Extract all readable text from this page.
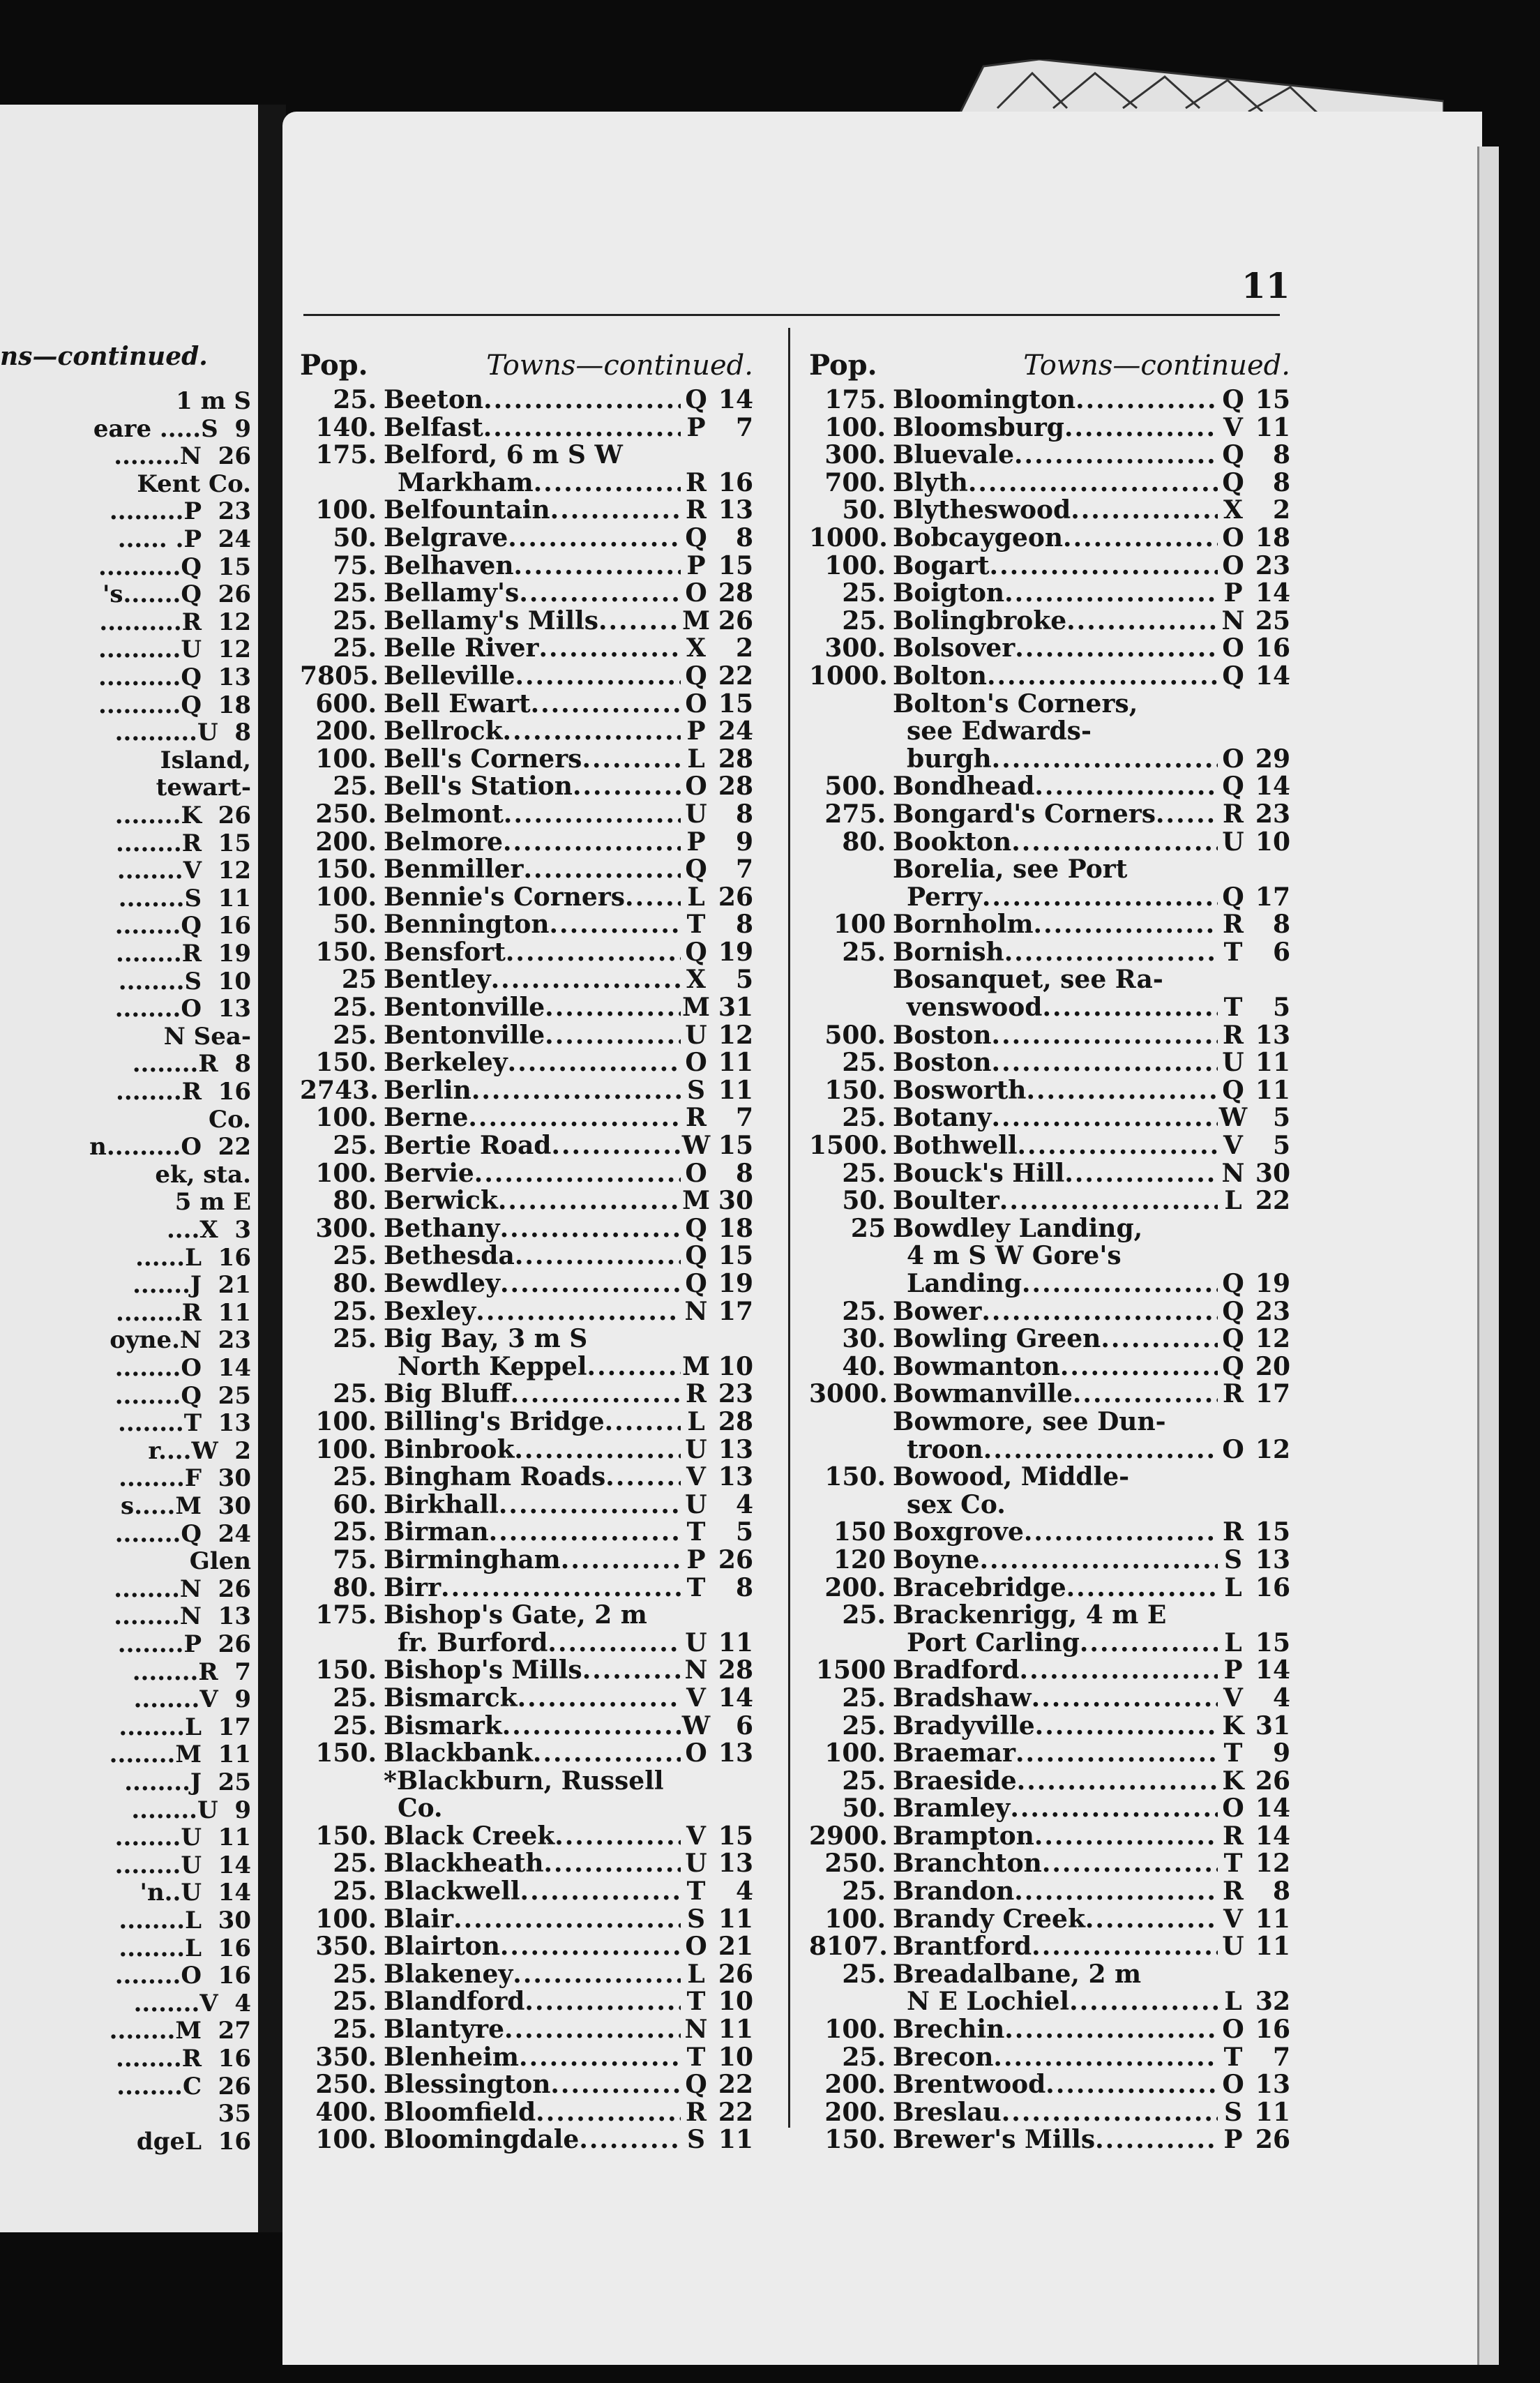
ns—continued.
1 m S
eare .....S  9
........N  26
Kent Co.
.........P  23
...... .P  24
..........Q  15
's.......Q  26
..........R  12
..........U  12
..........Q  13
..........Q  18
..........U  8
Island,
tewart-
........K  26
........R  15
........V  12
........S  11
........Q  16
........R  19
........S  10
........O  13
N Sea-
........R  8
........R  16
Co.
n.........O  22
ek, sta.
5 m E
....X  3
......L  16
.......J  21
........R  11
oyne.N  23
........O  14
........Q  25
........T  13
r....W  2
........F  30
s.....M  30
........Q  24
Glen
........N  26
........N  13
........P  26
........R  7
........V  9
........L  17
........M  11
........J  25
........U  9
........U  11
........U  14
'n..U  14
........L  30
........L  16
........O  16
........V  4
........M  27
........R  16
........C  26
35
dgeL  16
11
Pop.	Towns—continued.
25. Beeton .....	Q 14
140. Belfast .....	P	7
175. Belford, 6 m S W
Markham .....	R 16
100. Belfountain .....	R 13
50. Belgrave .....	Q	8
75. Belhaven .....	P 15
25. Bellamy's .....	O 28
25. Bellamy's Mills .....	M 26
25. Belle River .....	X	2
7805. Belleville .....	Q 22
600. Bell Ewart .....	O 15
200. Bellrock .....	P 24
100. Bell's Corners .....	L 28
25. Bell's Station .....	O 28
250. Belmont .....	U	8
200. Belmore .....	P	9
150. Benmiller .....	Q	7
100. Bennie's Corners ..... L 26
50. Bennington .....	T	8
150. Bensfort .....	Q 19
25 Bentley .....	X	5
25. Bentonville .....	M 31
25. Bentonville .....	U 12
150. Berkeley .....	O 11
2743. Berlin .....	S 11
100. Berne .....	R	7
25. Bertie Road .....	W 15
100. Bervie .....	O	8
80. Berwick .....	M 30
300. Bethany .....	Q 18
25. Bethesda .....	Q 15
80. Bewdley .....	Q 19
25. Bexley .....	N 17
25. Big Bay, 3 m S
North Keppel .....	M 10
25. Big Bluff .....	R 23
100. Billing's Bridge .....	L 28
100. Binbrook .....	U 13
25. Bingham Roads .....	V 13
60. Birkhall .....	U	4
25. Birman .....	T	5
75. Birmingham .....	P 26
80. Birr .....	T	8
175. Bishop's Gate, 2 m
fr. Burford .....	U 11
150. Bishop's Mills .....	N 28
25. Bismarck .....	V 14
25. Bismark .....	W	6
150. Blackbank .....	O 13
*Blackburn, Russell
Co.
150. Black Creek .....	V 15
25. Blackheath .....	U 13
25. Blackwell .....	T	4
100. Blair .....	S 11
350. Blairton .....	O 21
25. Blakeney .....	L 26
25. Blandford .....	T 10
25. Blantyre .....	N 11
350. Blenheim .....	T 10
250. Blessington .....	Q 22
400. Bloomfield .....	R 22
100. Bloomingdale .....	S 11
Pop.	Towns—continued.
175. Bloomington .....	Q 15
100. Bloomsburg .....	V 11
300. Bluevale .....	Q	8
700. Blyth .....	Q	8
50. Blytheswood .....	X	2
1000. Bobcaygeon .....	O 18
100. Bogart .....	O 23
25. Boigton .....	P 14
25. Bolingbroke .....	N 25
300. Bolsover .....	O 16
1000. Bolton .....	Q 14
Bolton's Corners,
see Edwards-
burgh .....	O 29
500. Bondhead .....	Q 14
275. Bongard's Corners .....	R 23
80. Bookton .....	U 10
Borelia, see Port
Perry .....	Q 17
100 Bornholm .....	R	8
25. Bornish .....	T	6
Bosanquet, see Ra-
venswood .....	T	5
500. Boston .....	R 13
25. Boston .....	U 11
150. Bosworth .....	Q 11
25. Botany .....	W	5
1500. Bothwell .....	V	5
25. Bouck's Hill .....	N 30
50. Boulter .....	L 22
25 Bowdley Landing,
4 m S W Gore's
Landing .....	Q 19
25. Bower .....	Q 23
30. Bowling Green .....	Q 12
40. Bowmanton .....	Q 20
3000. Bowmanville .....	R 17
Bowmore, see Dun-
troon .....	O 12
150. Bowood, Middle-
sex Co.
150 Boxgrove .....	R 15
120 Boyne .....	S 13
200. Bracebridge .....	L 16
25. Brackenrigg, 4 m E
Port Carling .....	L 15
1500 Bradford .....	P 14
25. Bradshaw .....	V	4
25. Bradyville .....	K 31
100. Braemar .....	T	9
25. Braeside .....	K 26
50. Bramley .....	O 14
2900. Brampton .....	R 14
250. Branchton .....	T 12
25. Brandon .....	R	8
100. Brandy Creek .....	V 11
8107. Brantford .....	U 11
25. Breadalbane, 2 m
N E Lochiel .....	L 32
100. Brechin .....	O 16
25. Brecon .....	T	7
200. Brentwood .....	O 13
200. Breslau .....	S 11
150. Brewer's Mills .....	P 26
